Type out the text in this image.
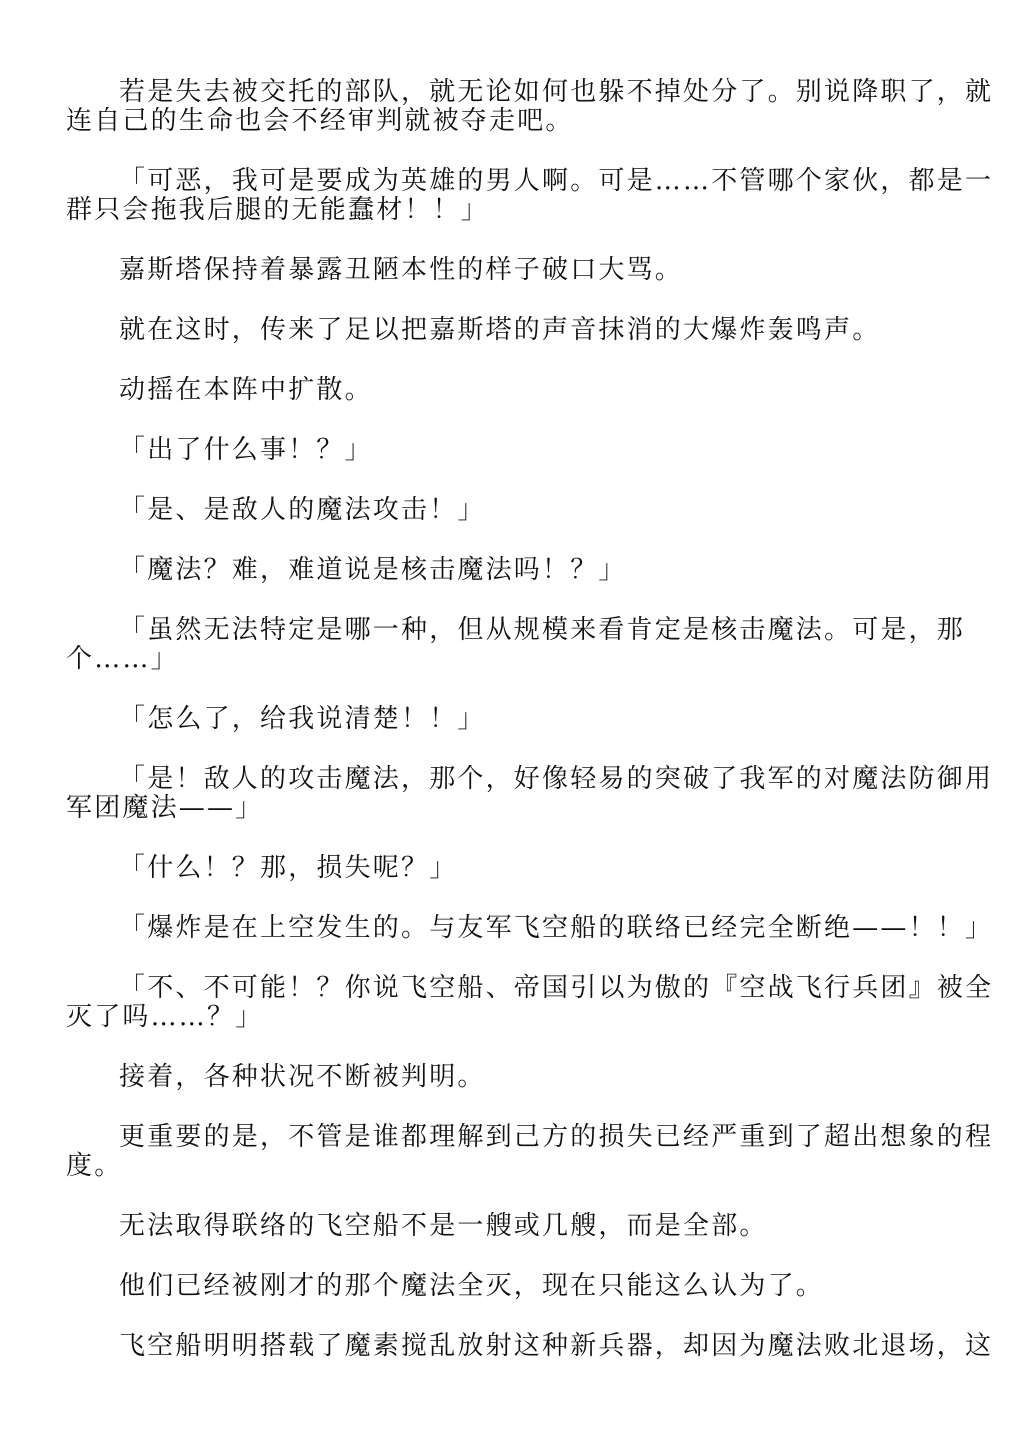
若是失去被交托的部队，就无论如何也躲不掉处分了。别说降职了，就
连自己的生命也会不经审判就被夺走吧。

「可恶，我可是要成为英雄的男人啊。可是……不管哪个家伙，都是一
群只会拖我后腿的无能蠢材！！」

嘉斯塔保持着暴露丑陋本性的样子破口大骂。

就在这时，传来了足以把嘉斯塔的声音抹消的大爆炸轰鸣声。

动摇在本阵中扩散。

「出了什么事！？」

「是、是敌人的魔法攻击！」

「魔法？难，难道说是核击魔法吗！？」

「虽然无法特定是哪一种，但从规模来看肯定是核击魔法。可是，那
个……」

「怎么了，给我说清楚！！」

「是！敌人的攻击魔法，那个，好像轻易的突破了我军的对魔法防御用
军团魔法——」

「什么！？那，损失呢？」

「爆炸是在上空发生的。与友军飞空船的联络已经完全断绝——！！」

「不、不可能！？你说飞空船、帝国引以为傲的『空战飞行兵团』被全
灭了吗……？」

接着，各种状况不断被判明。

更重要的是，不管是谁都理解到己方的损失已经严重到了超出想象的程
度。

无法取得联络的飞空船不是一艘或几艘，而是全部。

他们已经被刚才的那个魔法全灭，现在只能这么认为了。

飞空船明明搭载了魔素搅乱放射这种新兵器，却因为魔法败北退场，这
